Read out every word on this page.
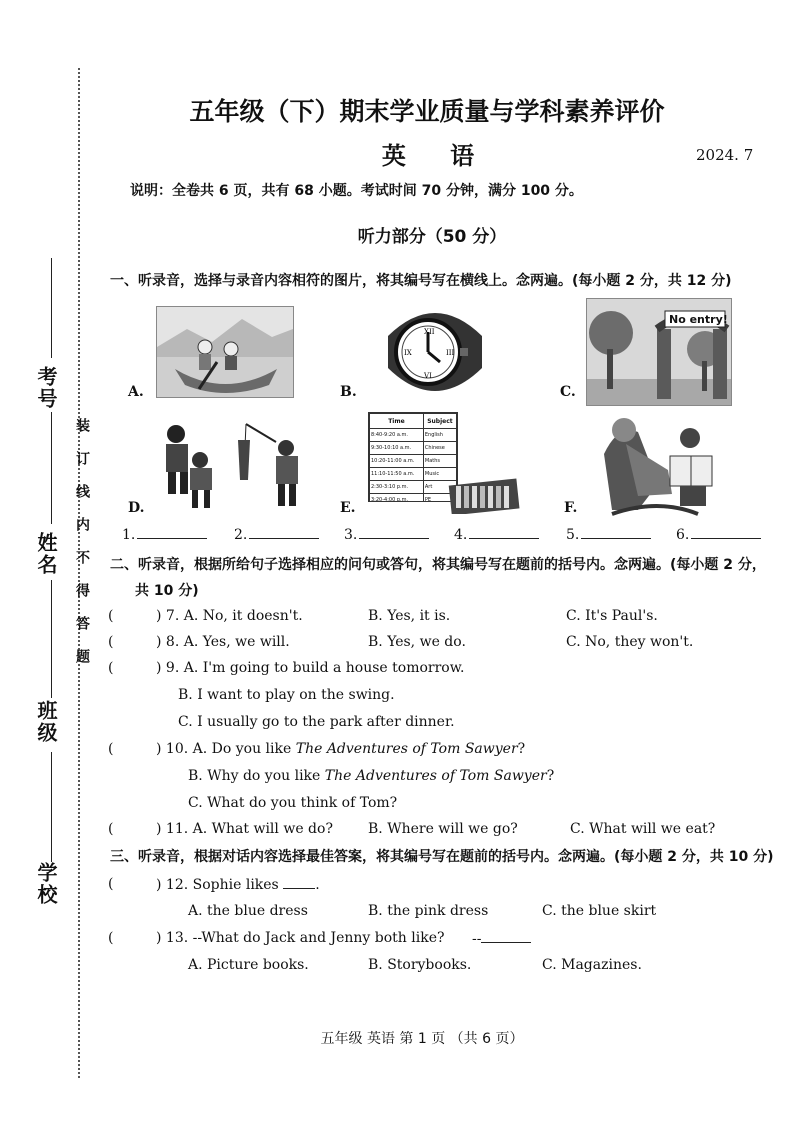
考号
姓名
班级
学校
装订线内不得答题
五年级（下）期末学业质量与学科素养评价
英 语	2024. 7
说明：全卷共 6 页，共有 68 小题。考试时间 70 分钟，满分 100 分。
听力部分（50 分）
一、听录音，选择与录音内容相符的图片，将其编号写在横线上。念两遍。(每小题 2 分，共 12 分)
A.
XII
III
VI
IX
B.
No entry!
C.
D.
Time	Subject
8:40-9:20 a.m.	English
9:30-10:10 a.m.	Chinese
10:20-11:00 a.m.	Maths
11:10-11:50 a.m.	Music
2:30-3:10 p.m.	Art
3:20-4:00 p.m.	PE
E.	F.
1.	2.	3.	4.	5.	6.
二、听录音，根据所给句子选择相应的问句或答句，将其编号写在题前的括号内。念两遍。(每小题 2 分，
共 10 分)
(	) 7. A. No, it doesn't.	B. Yes, it is.	C. It's Paul's.
(	) 8. A. Yes, we will.	B. Yes, we do.	C. No, they won't.
(	) 9. A. I'm going to build a house tomorrow.
B. I want to play on the swing.
C. I usually go to the park after dinner.
(	) 10. A. Do you like The Adventures of Tom Sawyer?
B. Why do you like The Adventures of Tom Sawyer?
C. What do you think of Tom?
(	) 11. A. What will we do?	B. Where will we go?	C. What will we eat?
三、听录音，根据对话内容选择最佳答案，将其编号写在题前的括号内。念两遍。(每小题 2 分，共 10 分)
(	) 12. Sophie likes	.
A. the blue dress	B. the pink dress	C. the blue skirt
(	) 13. --What do Jack and Jenny both like? --
A. Picture books.	B. Storybooks.	C. Magazines.
五年级 英语 第 1 页 （共 6 页）
